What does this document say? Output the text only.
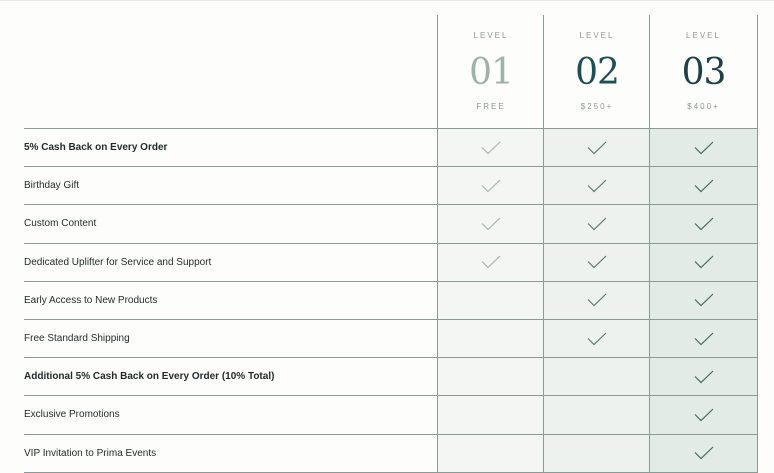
LEVEL
01
FREE
LEVEL
02
$250+
LEVEL
03
$400+
5% Cash Back on Every Order
Birthday Gift
Custom Content
Dedicated Uplifter for Service and Support
Early Access to New Products
Free Standard Shipping
Additional 5% Cash Back on Every Order (10% Total)
Exclusive Promotions
VIP Invitation to Prima Events
